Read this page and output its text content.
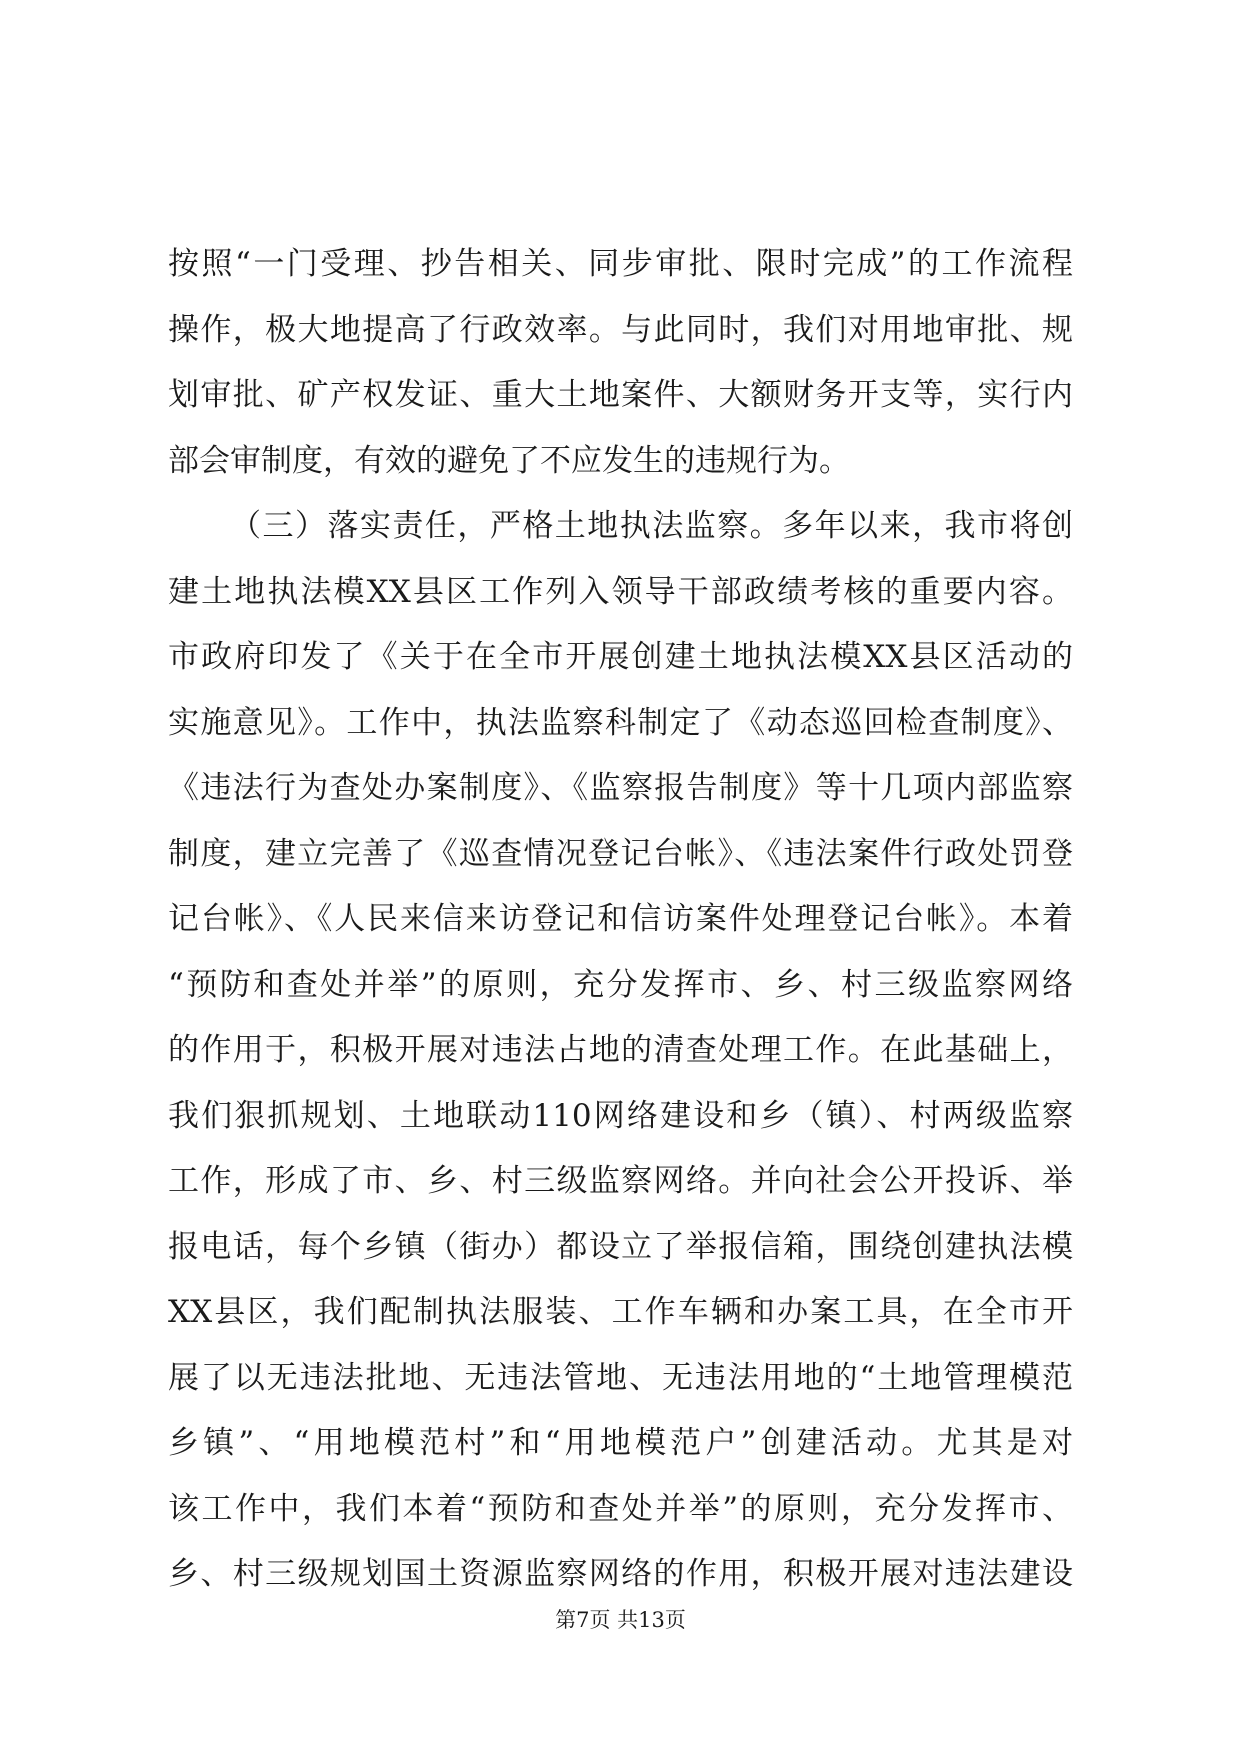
按照“一门受理、抄告相关、同步审批、限时完成”的工作流程
操作，极大地提高了行政效率。与此同时，我们对用地审批、规
划审批、矿产权发证、重大土地案件、大额财务开支等，实行内
部会审制度，有效的避免了不应发生的违规行为。
（三）落实责任，严格土地执法监察。多年以来，我市将创
建土地执法模XX县区工作列入领导干部政绩考核的重要内容。
市政府印发了《关于在全市开展创建土地执法模XX县区活动的
实施意见》。工作中，执法监察科制定了《动态巡回检查制度》、
《违法行为查处办案制度》、《监察报告制度》等十几项内部监察
制度，建立完善了《巡查情况登记台帐》、《违法案件行政处罚登
记台帐》、《人民来信来访登记和信访案件处理登记台帐》。本着
“预防和查处并举”的原则，充分发挥市、乡、村三级监察网络
的作用于，积极开展对违法占地的清查处理工作。在此基础上，
我们狠抓规划、土地联动110网络建设和乡（镇）、村两级监察
工作，形成了市、乡、村三级监察网络。并向社会公开投诉、举
报电话，每个乡镇（街办）都设立了举报信箱，围绕创建执法模
XX县区，我们配制执法服装、工作车辆和办案工具，在全市开
展了以无违法批地、无违法管地、无违法用地的“土地管理模范
乡镇”、“用地模范村”和“用地模范户”创建活动。尤其是对
该工作中，我们本着“预防和查处并举”的原则，充分发挥市、
乡、村三级规划国土资源监察网络的作用，积极开展对违法建设
第7页 共13页
